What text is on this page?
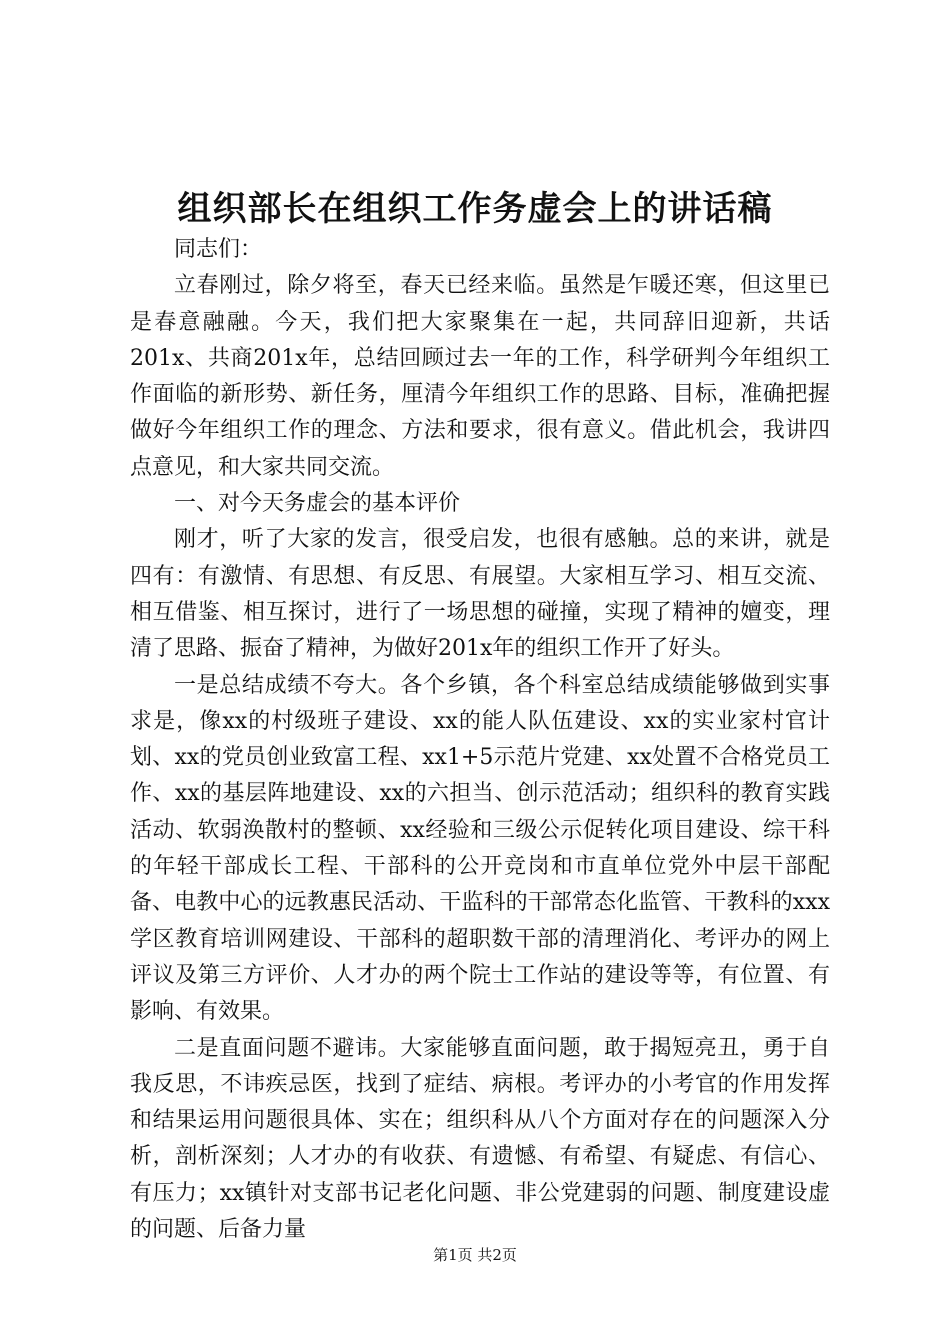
组织部长在组织工作务虚会上的讲话稿

同志们：

立春刚过，除夕将至，春天已经来临。虽然是乍暖还寒，但这里已是春意融融。今天，我们把大家聚集在一起，共同辞旧迎新，共话201x、共商201x年，总结回顾过去一年的工作，科学研判今年组织工作面临的新形势、新任务，厘清今年组织工作的思路、目标，准确把握做好今年组织工作的理念、方法和要求，很有意义。借此机会，我讲四点意见，和大家共同交流。

一、对今天务虚会的基本评价

刚才，听了大家的发言，很受启发，也很有感触。总的来讲，就是四有：有激情、有思想、有反思、有展望。大家相互学习、相互交流、相互借鉴、相互探讨，进行了一场思想的碰撞，实现了精神的嬗变，理清了思路、振奋了精神，为做好201x年的组织工作开了好头。

一是总结成绩不夸大。各个乡镇，各个科室总结成绩能够做到实事求是，像xx的村级班子建设、xx的能人队伍建设、xx的实业家村官计划、xx的党员创业致富工程、xx1+5示范片党建、xx处置不合格党员工作、xx的基层阵地建设、xx的六担当、创示范活动；组织科的教育实践活动、软弱涣散村的整顿、xx经验和三级公示促转化项目建设、综干科的年轻干部成长工程、干部科的公开竞岗和市直单位党外中层干部配备、电教中心的远教惠民活动、干监科的干部常态化监管、干教科的xxx学区教育培训网建设、干部科的超职数干部的清理消化、考评办的网上评议及第三方评价、人才办的两个院士工作站的建设等等，有位置、有影响、有效果。

二是直面问题不避讳。大家能够直面问题，敢于揭短亮丑，勇于自我反思，不讳疾忌医，找到了症结、病根。考评办的小考官的作用发挥和结果运用问题很具体、实在；组织科从八个方面对存在的问题深入分析，剖析深刻；人才办的有收获、有遗憾、有希望、有疑虑、有信心、有压力；xx镇针对支部书记老化问题、非公党建弱的问题、制度建设虚的问题、后备力量

第1页 共2页
